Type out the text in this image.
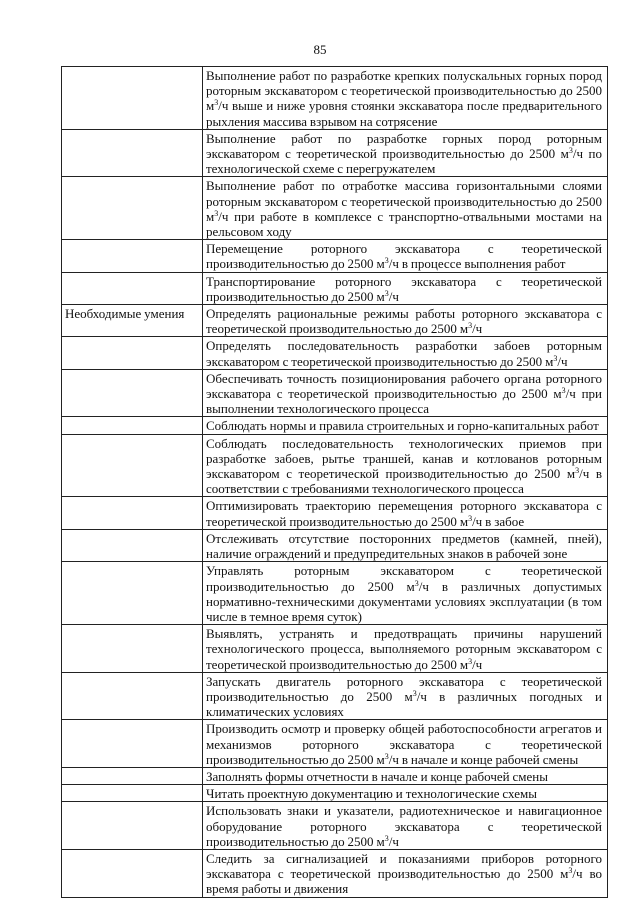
85
	Выполнение работ по разработке крепких полускальных горных пород роторным экскаватором с теоретической производительностью до 2500 $м^3/ч$ выше и ниже уровня стоянки экскаватора после предварительного рыхления массива взрывом на сотрясение
	Выполнение работ по разработке горных пород роторным экскаватором с теоретической производительностью до 2500 $м^3/ч$ по технологической схеме с перегружателем
	Выполнение работ по отработке массива горизонтальными слоями роторным экскаватором с теоретической производительностью до 2500 $м^3/ч$ при работе в комплексе с транспортно-отвальными мостами на рельсовом ходу
	Перемещение роторного экскаватора с теоретической производительностью до 2500 $м^3/ч$ в процессе выполнения работ
	Транспортирование роторного экскаватора с теоретической производительностью до 2500 $м^3/ч$
Необходимые умения	Определять рациональные режимы работы роторного экскаватора с теоретической производительностью до 2500 $м^3/ч$
	Определять последовательность разработки забоев роторным экскаватором с теоретической производительностью до 2500 $м^3/ч$
	Обеспечивать точность позиционирования рабочего органа роторного экскаватора с теоретической производительностью до 2500 $м^3/ч$ при выполнении технологического процесса
	Соблюдать нормы и правила строительных и горно-капитальных работ
	Соблюдать последовательность технологических приемов при разработке забоев, рытье траншей, канав и котлованов роторным экскаватором с теоретической производительностью до 2500 $м^3/ч$ в соответствии с требованиями технологического процесса
	Оптимизировать траекторию перемещения роторного экскаватора с теоретической производительностью до 2500 $м^3/ч$ в забое
	Отслеживать отсутствие посторонних предметов (камней, пней), наличие ограждений и предупредительных знаков в рабочей зоне
	Управлять роторным экскаватором с теоретической производительностью до 2500 $м^3/ч$ в различных допустимых нормативно-техническими документами условиях эксплуатации (в том числе в темное время суток)
	Выявлять, устранять и предотвращать причины нарушений технологического процесса, выполняемого роторным экскаватором с теоретической производительностью до 2500 $м^3/ч$
	Запускать двигатель роторного экскаватора с теоретической производительностью до 2500 $м^3/ч$ в различных погодных и климатических условиях
	Производить осмотр и проверку общей работоспособности агрегатов и механизмов роторного экскаватора с теоретической производительностью до 2500 $м^3/ч$ в начале и конце рабочей смены
	Заполнять формы отчетности в начале и конце рабочей смены
	Читать проектную документацию и технологические схемы
	Использовать знаки и указатели, радиотехническое и навигационное оборудование роторного экскаватора с теоретической производительностью до 2500 $м^3/ч$
	Следить за сигнализацией и показаниями приборов роторного экскаватора с теоретической производительностью до 2500 $м^3/ч$ во время работы и движения
